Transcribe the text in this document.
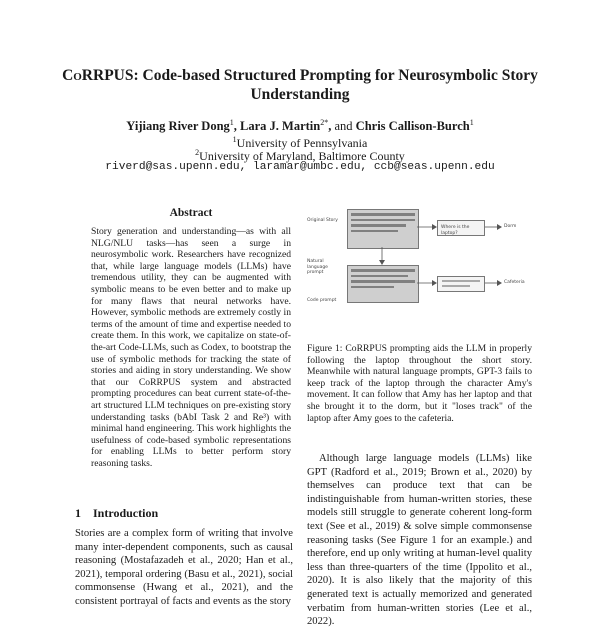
CoRRPUS: Code-based Structured Prompting for Neurosymbolic Story Understanding

Yijiang River Dong$^1$, Lara J. Martin$^{2*}$, and Chris Callison-Burch$^1$

$^1$University of Pennsylvania

$^2$University of Maryland, Baltimore County

riverd@sas.upenn.edu, laramar@umbc.edu, ccb@seas.upenn.edu

Abstract

Story generation and understanding—as with all NLG/NLU tasks—has seen a surge in neurosymbolic work. Researchers have recognized that, while large language models (LLMs) have tremendous utility, they can be augmented with symbolic means to be even better and to make up for many flaws that neural networks have. However, symbolic methods are extremely costly in terms of the amount of time and expertise needed to create them. In this work, we capitalize on state-of-the-art Code-LLMs, such as Codex, to bootstrap the use of symbolic methods for tracking the state of stories and aiding in story understanding. We show that our CoRRPUS system and abstracted prompting procedures can beat current state-of-the-art structured LLM techniques on pre-existing story understanding tasks (bAbI Task 2 and Re³) with minimal hand engineering. This work highlights the usefulness of code-based symbolic representations for enabling LLMs to better perform story reasoning tasks.

1 Introduction

Stories are a complex form of writing that involve many inter-dependent components, such as causal reasoning (Mostafazadeh et al., 2020; Han et al., 2021), temporal ordering (Basu et al., 2021), social commonsense (Hwang et al., 2021), and the consistent portrayal of facts and events as the story

Original Story
Natural language prompt
Code prompt
Where is the laptop?
Dorm
Cafeteria

Figure 1: CoRRPUS prompting aids the LLM in properly following the laptop throughout the short story. Meanwhile with natural language prompts, GPT-3 fails to keep track of the laptop through the character Amy's movement. It can follow that Amy has her laptop and that she brought it to the dorm, but it "loses track" of the laptop after Amy goes to the cafeteria.

Although large language models (LLMs) like GPT (Radford et al., 2019; Brown et al., 2020) by themselves can produce text that can be indistinguishable from human-written stories, these models still struggle to generate coherent long-form text (See et al., 2019) & solve simple commonsense reasoning tasks (See Figure 1 for an example.) and therefore, end up only writing at human-level quality less than three-quarters of the time (Ippolito et al., 2020). It is also likely that the majority of this generated text is actually memorized and generated verbatim from human-written stories (Lee et al., 2022).
